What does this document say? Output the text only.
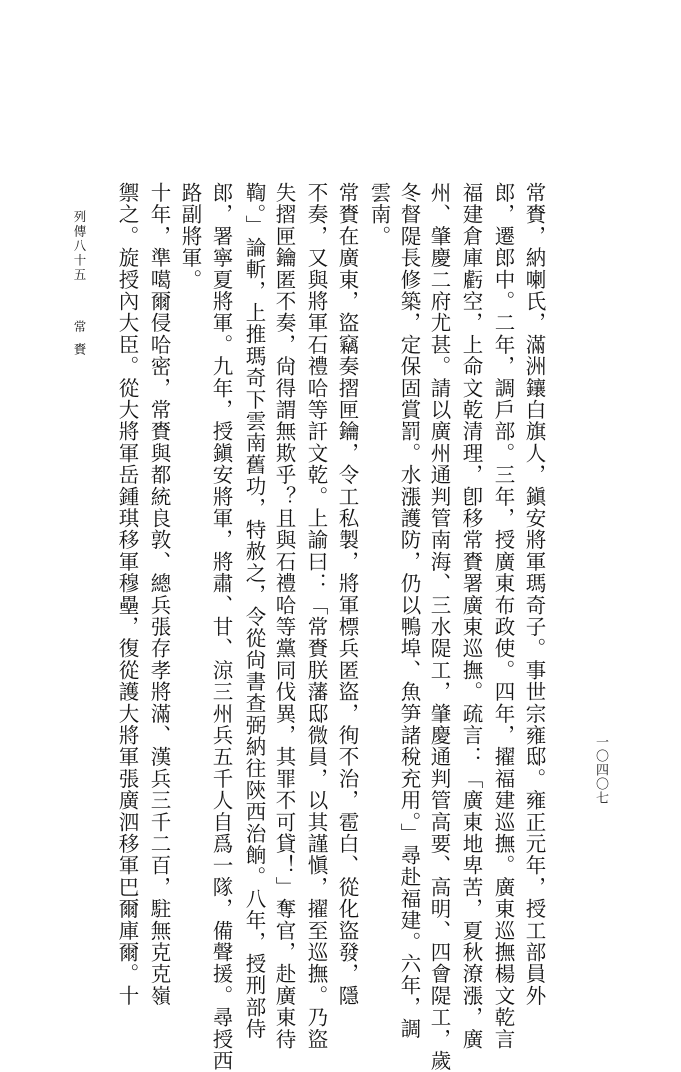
常賚，納喇氏，滿洲鑲白旗人，鎭安將軍瑪奇子。事世宗雍邸。雍正元年，授工部員外
郎，遷郎中。二年，調戶部。三年，授廣東布政使。四年，擢福建巡撫。廣東巡撫楊文乾言
福建倉庫虧空，上命文乾清理，卽移常賚署廣東巡撫。疏言：「廣東地卑苦，夏秋潦漲，廣
州、肇慶二府尤甚。請以廣州通判管南海、三水隄工，肇慶通判管高要、高明、四會隄工，歲
冬督隄長修築，定保固賞罰。水漲護防，仍以鴨埠、魚笋諸稅充用。」尋赴福建。六年，調
雲南。
常賚在廣東，盜竊奏摺匣鑰，令工私製，將軍標兵匿盜，徇不治，雹白、從化盜發，隱
不奏，又與將軍石禮哈等訐文乾。上諭曰：「常賚朕藩邸微員，以其謹愼，擢至巡撫。乃盜
失摺匣鑰匿不奏，尙得謂無欺乎？且與石禮哈等黨同伐異，其罪不可貸！」奪官，赴廣東待
鞫。」論斬，上推瑪奇下雲南舊功，特赦之，令從尙書查弼納往陝西治餉。八年，授刑部侍
郎，署寧夏將軍。九年，授鎭安將軍，將肅、甘、涼三州兵五千人自爲一隊，備聲援。尋授西
路副將軍。
十年，準噶爾侵哈密，常賚與都統良敦、總兵張存孝將滿、漢兵三千二百，駐無克克嶺
禦之。旋授內大臣。從大將軍岳鍾琪移軍穆壘，復從護大將軍張廣泗移軍巴爾庫爾。十
列傳八十五
常賚
一〇四〇七
